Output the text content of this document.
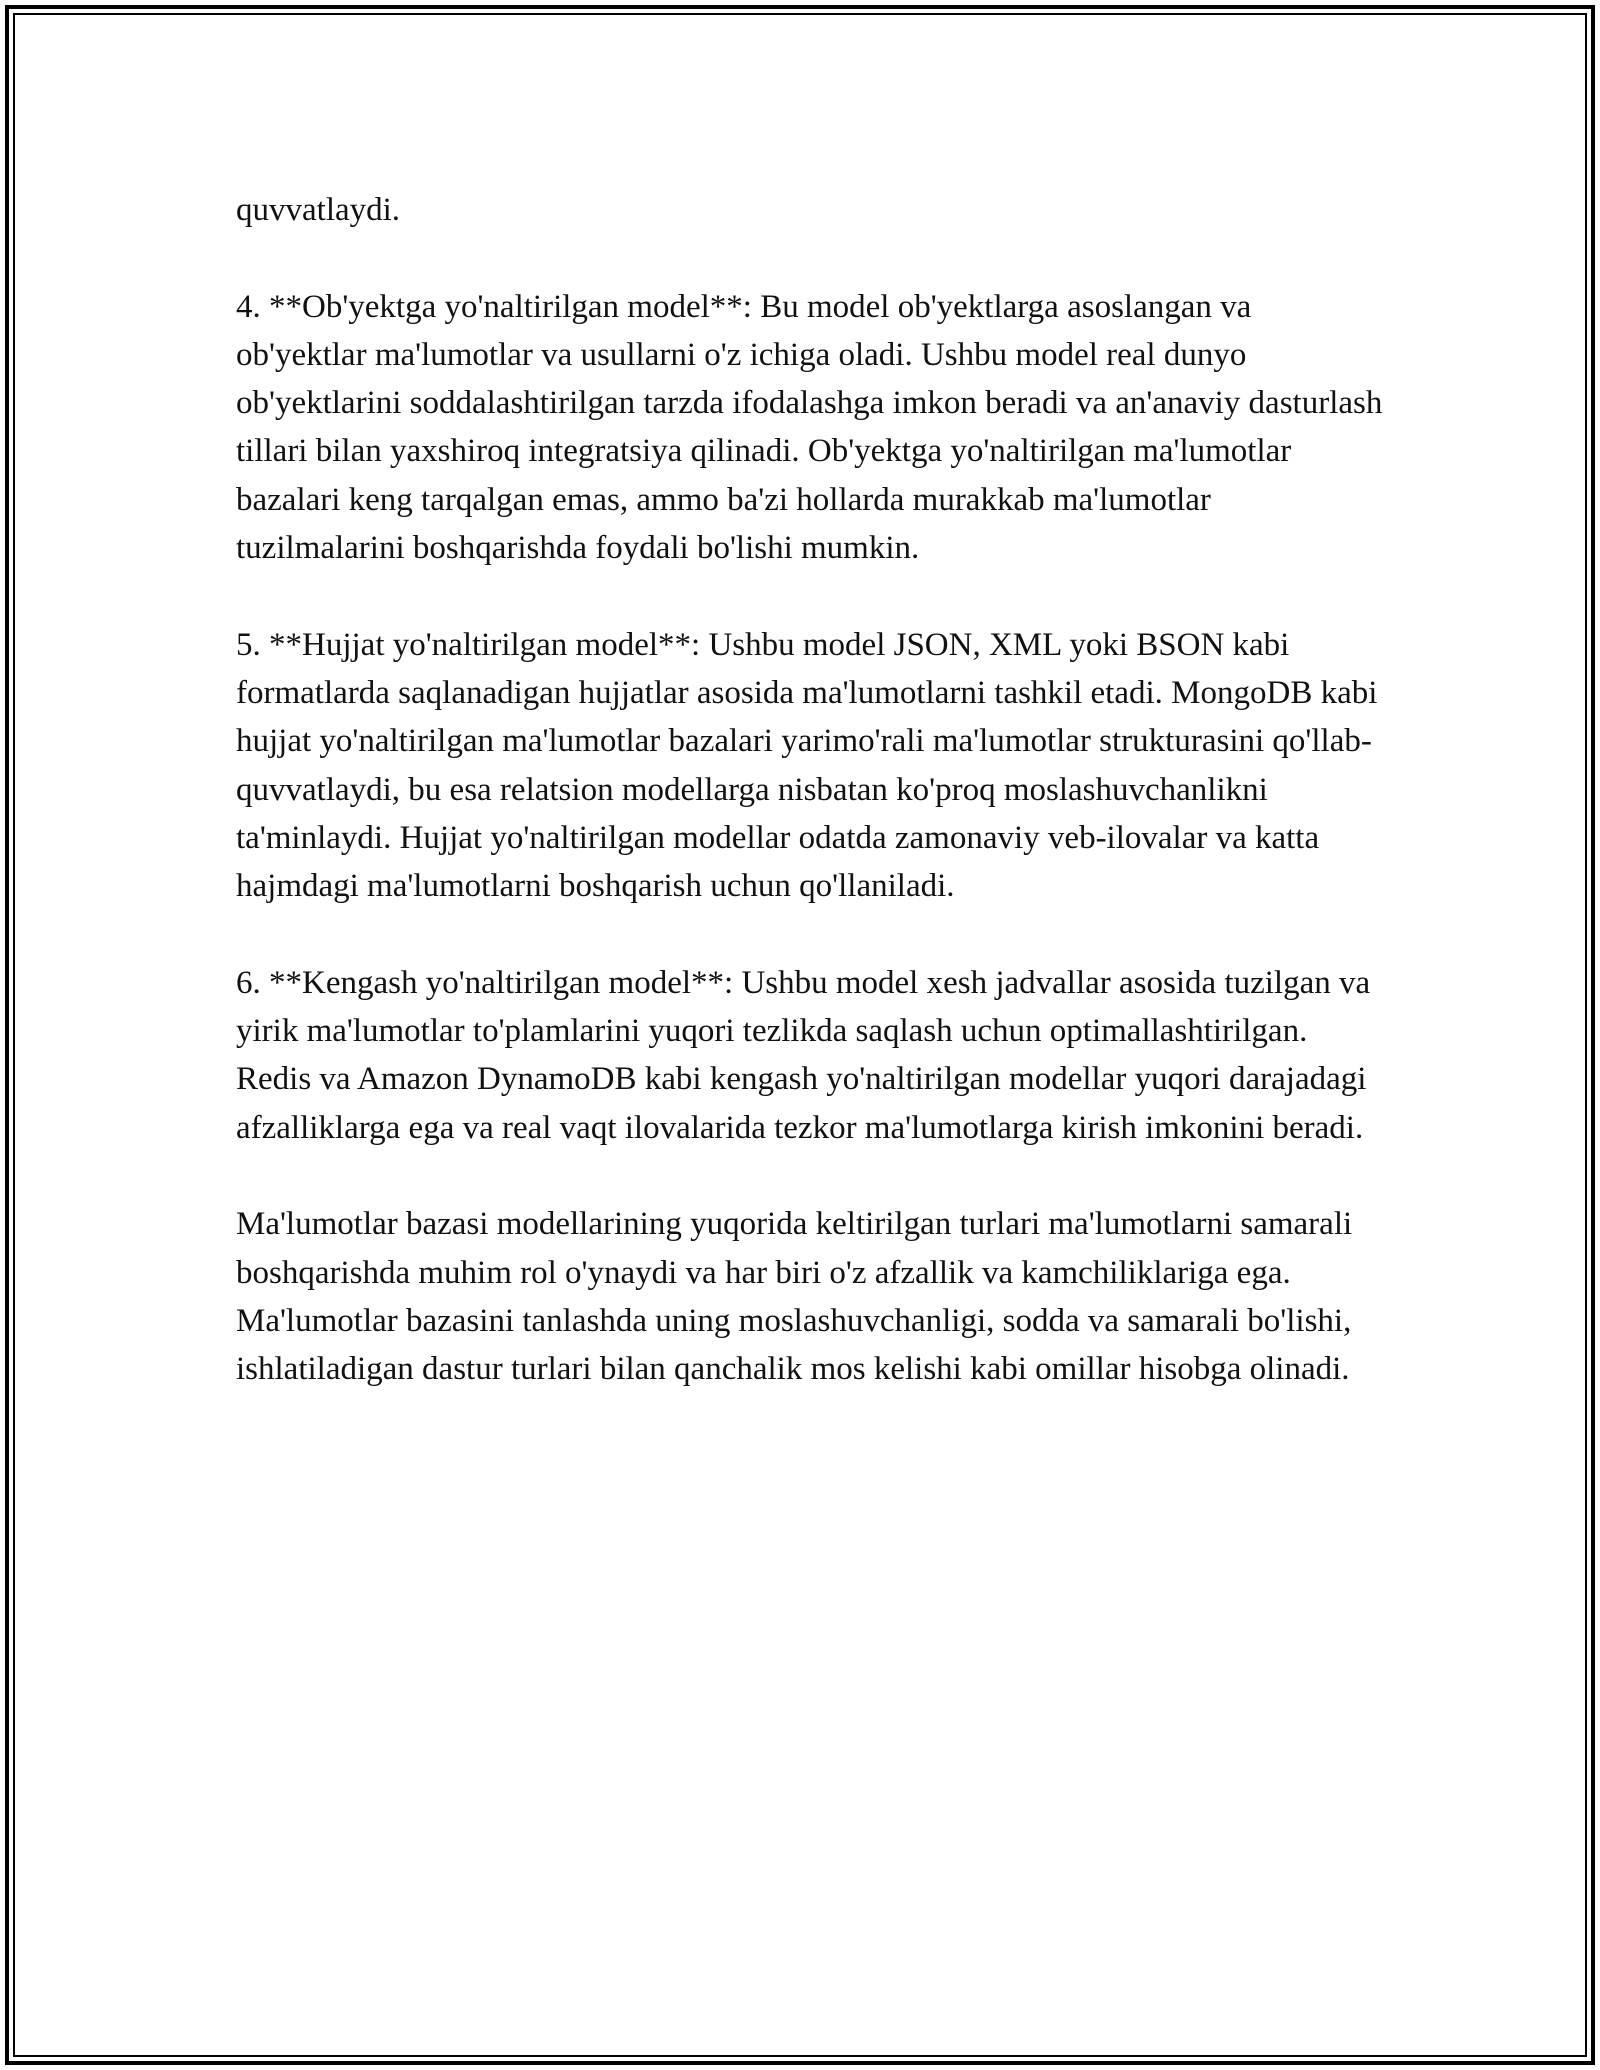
quvvatlaydi.

4. **Ob'yektga yo'naltirilgan model**: Bu model ob'yektlarga asoslangan va ob'yektlar ma'lumotlar va usullarni o'z ichiga oladi. Ushbu model real dunyo ob'yektlarini soddalashtirilgan tarzda ifodalashga imkon beradi va an'anaviy dasturlash tillari bilan yaxshiroq integratsiya qilinadi. Ob'yektga yo'naltirilgan ma'lumotlar bazalari keng tarqalgan emas, ammo ba'zi hollarda murakkab ma'lumotlar tuzilmalarini boshqarishda foydali bo'lishi mumkin.

5. **Hujjat yo'naltirilgan model**: Ushbu model JSON, XML yoki BSON kabi formatlarda saqlanadigan hujjatlar asosida ma'lumotlarni tashkil etadi. MongoDB kabi hujjat yo'naltirilgan ma'lumotlar bazalari yarimo'rali ma'lumotlar strukturasini qo'llab-quvvatlaydi, bu esa relatsion modellarga nisbatan ko'proq moslashuvchanlikni ta'minlaydi. Hujjat yo'naltirilgan modellar odatda zamonaviy veb-ilovalar va katta hajmdagi ma'lumotlarni boshqarish uchun qo'llaniladi.

6. **Kengash yo'naltirilgan model**: Ushbu model xesh jadvallar asosida tuzilgan va yirik ma'lumotlar to'plamlarini yuqori tezlikda saqlash uchun optimallashtirilgan. Redis va Amazon DynamoDB kabi kengash yo'naltirilgan modellar yuqori darajadagi afzalliklarga ega va real vaqt ilovalarida tezkor ma'lumotlarga kirish imkonini beradi.

Ma'lumotlar bazasi modellarining yuqorida keltirilgan turlari ma'lumotlarni samarali boshqarishda muhim rol o'ynaydi va har biri o'z afzallik va kamchiliklariga ega. Ma'lumotlar bazasini tanlashda uning moslashuvchanligi, sodda va samarali bo'lishi, ishlatiladigan dastur turlari bilan qanchalik mos kelishi kabi omillar hisobga olinadi.
